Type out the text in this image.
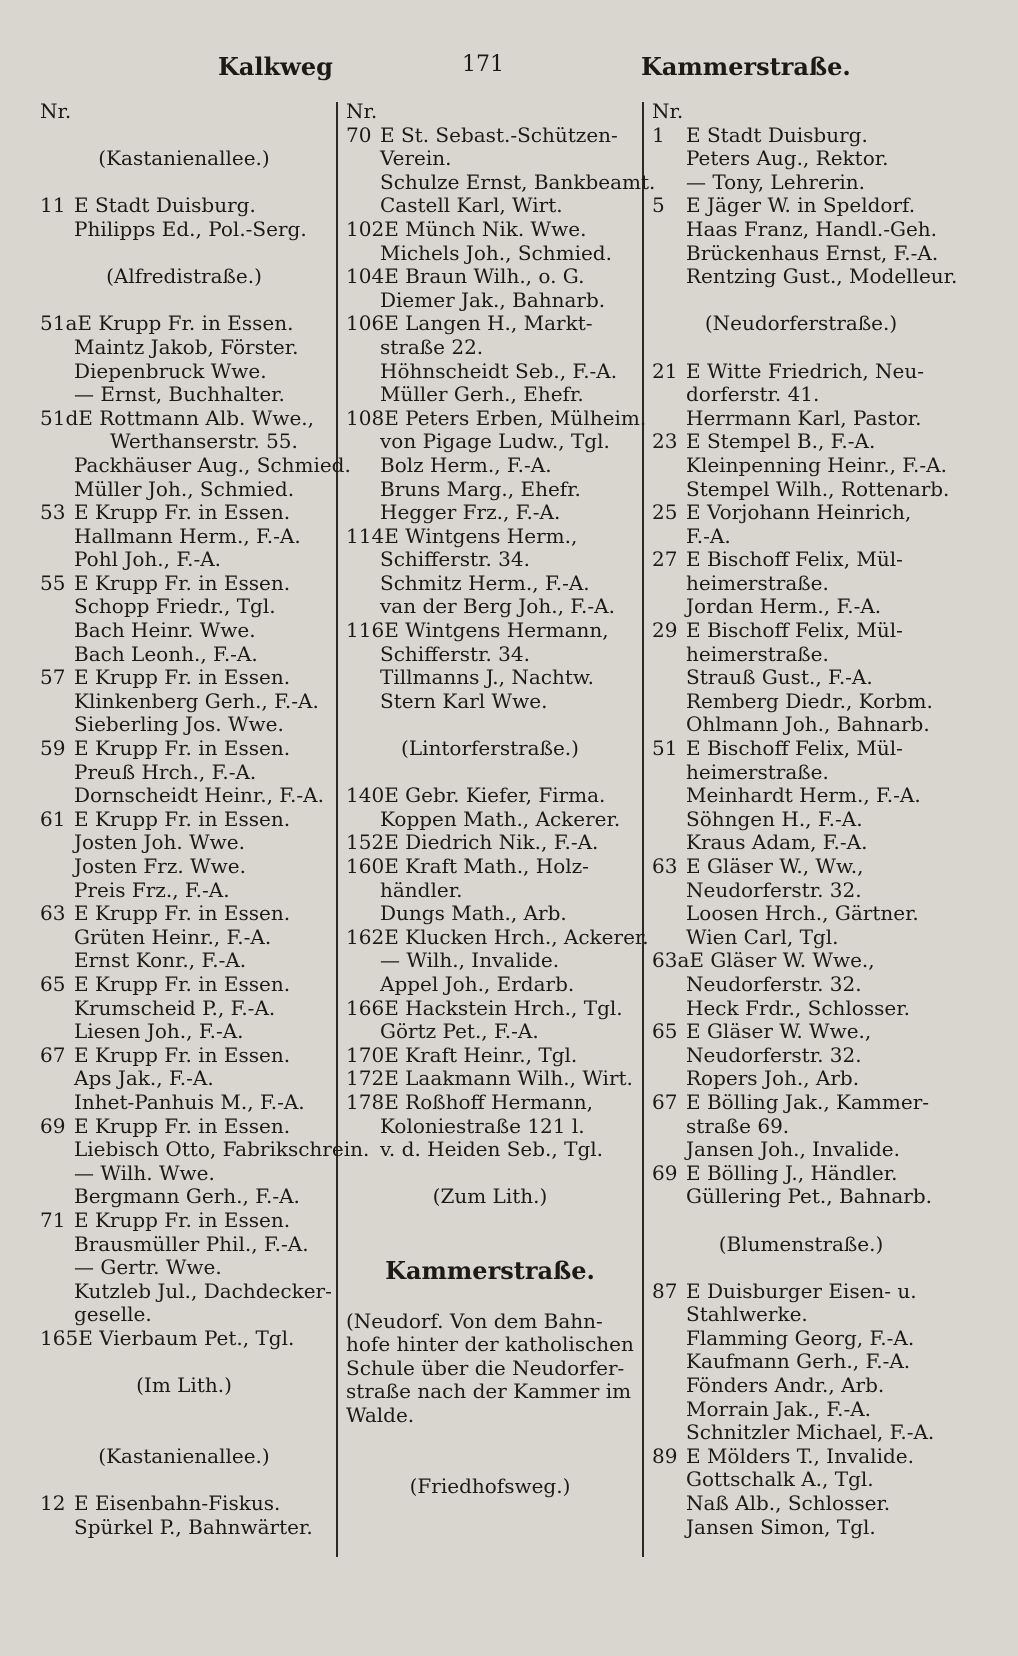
Kalkweg	171	Kammerstraße.
Nr.
(Kastanienallee.)
11 E Stadt Duisburg.
Philipps Ed., Pol.-Serg.
(Alfredistraße.)
51aE Krupp Fr. in Essen.
Maintz Jakob, Förster.
Diepenbruck Wwe.
— Ernst, Buchhalter.
51dE Rottmann Alb. Wwe.,
Werthanserstr. 55.
Packhäuser Aug., Schmied.
Müller Joh., Schmied.
53 E Krupp Fr. in Essen.
Hallmann Herm., F.-A.
Pohl Joh., F.-A.
55 E Krupp Fr. in Essen.
Schopp Friedr., Tgl.
Bach Heinr. Wwe.
Bach Leonh., F.-A.
57 E Krupp Fr. in Essen.
Klinkenberg Gerh., F.-A.
Sieberling Jos. Wwe.
59 E Krupp Fr. in Essen.
Preuß Hrch., F.-A.
Dornscheidt Heinr., F.-A.
61 E Krupp Fr. in Essen.
Josten Joh. Wwe.
Josten Frz. Wwe.
Preis Frz., F.-A.
63 E Krupp Fr. in Essen.
Grüten Heinr., F.-A.
Ernst Konr., F.-A.
65 E Krupp Fr. in Essen.
Krumscheid P., F.-A.
Liesen Joh., F.-A.
67 E Krupp Fr. in Essen.
Aps Jak., F.-A.
Inhet-Panhuis M., F.-A.
69 E Krupp Fr. in Essen.
Liebisch Otto, Fabrikschrein.
— Wilh. Wwe.
Bergmann Gerh., F.-A.
71 E Krupp Fr. in Essen.
Brausmüller Phil., F.-A.
— Gertr. Wwe.
Kutzleb Jul., Dachdecker-
geselle.
165E Vierbaum Pet., Tgl.
(Im Lith.)
(Kastanienallee.)
12 E Eisenbahn-Fiskus.
Spürkel P., Bahnwärter.
Nr.
70 E St. Sebast.-Schützen-
Verein.
Schulze Ernst, Bankbeamt.
Castell Karl, Wirt.
102E Münch Nik. Wwe.
Michels Joh., Schmied.
104E Braun Wilh., o. G.
Diemer Jak., Bahnarb.
106E Langen H., Markt-
straße 22.
Höhnscheidt Seb., F.-A.
Müller Gerh., Ehefr.
108E Peters Erben, Mülheim.
von Pigage Ludw., Tgl.
Bolz Herm., F.-A.
Bruns Marg., Ehefr.
Hegger Frz., F.-A.
114E Wintgens Herm.,
Schifferstr. 34.
Schmitz Herm., F.-A.
van der Berg Joh., F.-A.
116E Wintgens Hermann,
Schifferstr. 34.
Tillmanns J., Nachtw.
Stern Karl Wwe.
(Lintorferstraße.)
140E Gebr. Kiefer, Firma.
Koppen Math., Ackerer.
152E Diedrich Nik., F.-A.
160E Kraft Math., Holz-
händler.
Dungs Math., Arb.
162E Klucken Hrch., Ackerer.
— Wilh., Invalide.
Appel Joh., Erdarb.
166E Hackstein Hrch., Tgl.
Görtz Pet., F.-A.
170E Kraft Heinr., Tgl.
172E Laakmann Wilh., Wirt.
178E Roßhoff Hermann,
Koloniestraße 121 l.
v. d. Heiden Seb., Tgl.
(Zum Lith.)
Kammerstraße.
(Neudorf. Von dem Bahn-
hofe hinter der katholischen
Schule über die Neudorfer-
straße nach der Kammer im
Walde.
(Friedhofsweg.)
Nr.
1 E Stadt Duisburg.
Peters Aug., Rektor.
— Tony, Lehrerin.
5 E Jäger W. in Speldorf.
Haas Franz, Handl.-Geh.
Brückenhaus Ernst, F.-A.
Rentzing Gust., Modelleur.
(Neudorferstraße.)
21 E Witte Friedrich, Neu-
dorferstr. 41.
Herrmann Karl, Pastor.
23 E Stempel B., F.-A.
Kleinpenning Heinr., F.-A.
Stempel Wilh., Rottenarb.
25 E Vorjohann Heinrich,
F.-A.
27 E Bischoff Felix, Mül-
heimerstraße.
Jordan Herm., F.-A.
29 E Bischoff Felix, Mül-
heimerstraße.
Strauß Gust., F.-A.
Remberg Diedr., Korbm.
Ohlmann Joh., Bahnarb.
51 E Bischoff Felix, Mül-
heimerstraße.
Meinhardt Herm., F.-A.
Söhngen H., F.-A.
Kraus Adam, F.-A.
63 E Gläser W., Ww.,
Neudorferstr. 32.
Loosen Hrch., Gärtner.
Wien Carl, Tgl.
63aE Gläser W. Wwe.,
Neudorferstr. 32.
Heck Frdr., Schlosser.
65 E Gläser W. Wwe.,
Neudorferstr. 32.
Ropers Joh., Arb.
67 E Bölling Jak., Kammer-
straße 69.
Jansen Joh., Invalide.
69 E Bölling J., Händler.
Güllering Pet., Bahnarb.
(Blumenstraße.)
87 E Duisburger Eisen- u.
Stahlwerke.
Flamming Georg, F.-A.
Kaufmann Gerh., F.-A.
Fönders Andr., Arb.
Morrain Jak., F.-A.
Schnitzler Michael, F.-A.
89 E Mölders T., Invalide.
Gottschalk A., Tgl.
Naß Alb., Schlosser.
Jansen Simon, Tgl.
